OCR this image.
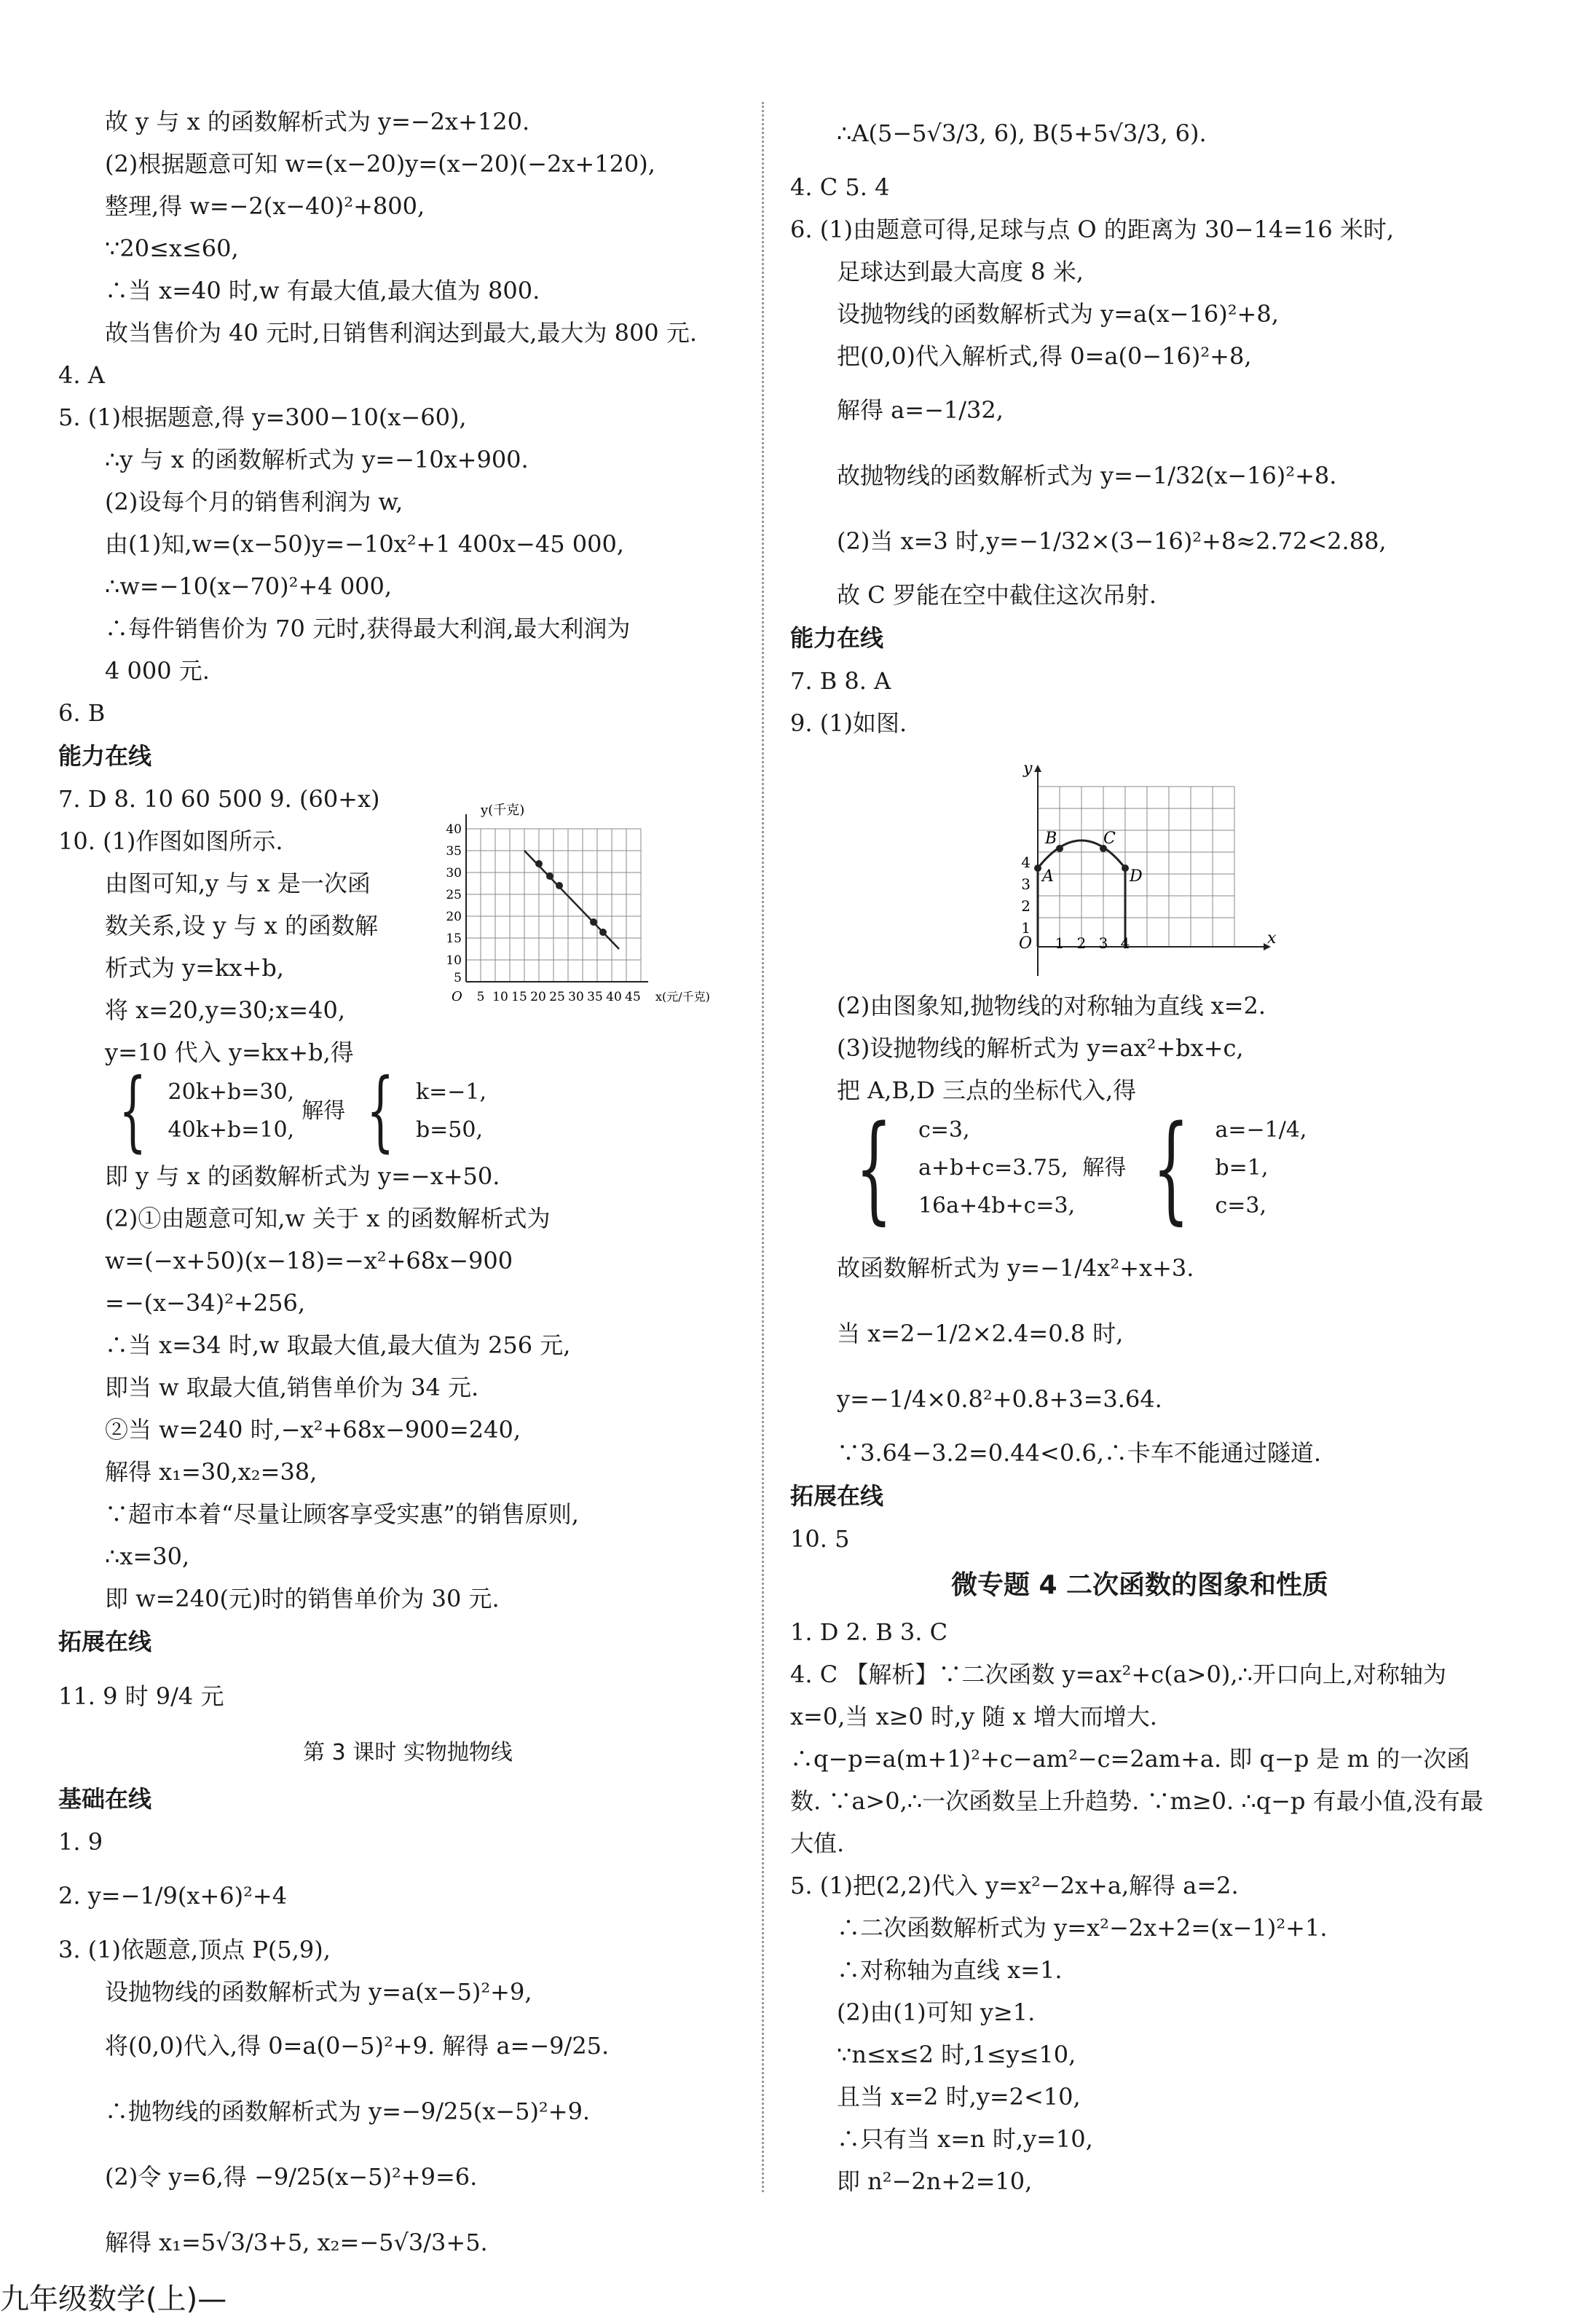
故 y 与 x 的函数解析式为 y=−2x+120.
(2)根据题意可知 w=(x−20)y=(x−20)(−2x+120),
整理,得 w=−2(x−40)²+800,
∵20≤x≤60,
∴当 x=40 时,w 有最大值,最大值为 800.
故当售价为 40 元时,日销售利润达到最大,最大为 800 元.
4. A
5. (1)根据题意,得 y=300−10(x−60),
∴y 与 x 的函数解析式为 y=−10x+900.
(2)设每个月的销售利润为 w,
由(1)知,w=(x−50)y=−10x²+1 400x−45 000,
∴w=−10(x−70)²+4 000,
∴每件销售价为 70 元时,获得最大利润,最大利润为
4 000 元.
6. B
能力在线
7. D 8. 10 60 500 9. (60+x)
10. (1)作图如图所示.
由图可知,y 与 x 是一次函
数关系,设 y 与 x 的函数解
析式为 y=kx+b,
将 x=20,y=30;x=40,
y=10 代入 y=kx+b,得
{ 20k+b=30,
40k+b=10, 解得 { k=−1,
b=50,
即 y 与 x 的函数解析式为 y=−x+50.
(2)①由题意可知,w 关于 x 的函数解析式为
w=(−x+50)(x−18)=−x²+68x−900
=−(x−34)²+256,
∴当 x=34 时,w 取最大值,最大值为 256 元,
即当 w 取最大值,销售单价为 34 元.
②当 w=240 时,−x²+68x−900=240,
解得 x₁=30,x₂=38,
∵超市本着“尽量让顾客享受实惠”的销售原则,
∴x=30,
即 w=240(元)时的销售单价为 30 元.
拓展在线
11. 9 时 9/4 元
第 3 课时 实物抛物线
基础在线
1. 9
2. y=−1/9(x+6)²+4
3. (1)依题意,顶点 P(5,9),
设抛物线的函数解析式为 y=a(x−5)²+9,
将(0,0)代入,得 0=a(0−5)²+9. 解得 a=−9/25.
∴抛物线的函数解析式为 y=−9/25(x−5)²+9.
(2)令 y=6,得 −9/25(x−5)²+9=6.
解得 x₁=5√3/3+5, x₂=−5√3/3+5.
y(千克)
x(元/千克)
O
40
35
30
25
20
15
10
5
5 10 15 20 25 30 35 40 45
∴A(5−5√3/3, 6), B(5+5√3/3, 6).
4. C 5. 4
6. (1)由题意可得,足球与点 O 的距离为 30−14=16 米时,
足球达到最大高度 8 米,
设抛物线的函数解析式为 y=a(x−16)²+8,
把(0,0)代入解析式,得 0=a(0−16)²+8,
解得 a=−1/32,
故抛物线的函数解析式为 y=−1/32(x−16)²+8.
(2)当 x=3 时,y=−1/32×(3−16)²+8≈2.72<2.88,
故 C 罗能在空中截住这次吊射.
能力在线
7. B 8. A
9. (1)如图.
(2)由图象知,抛物线的对称轴为直线 x=2.
(3)设抛物线的解析式为 y=ax²+bx+c,
把 A,B,D 三点的坐标代入,得
{ c=3,
a+b+c=3.75,
16a+4b+c=3, 解得 { a=−1/4,
b=1,
c=3,
故函数解析式为 y=−1/4x²+x+3.
当 x=2−1/2×2.4=0.8 时,
y=−1/4×0.8²+0.8+3=3.64.
∵3.64−3.2=0.44<0.6,∴卡车不能通过隧道.
拓展在线
10. 5
微专题 4 二次函数的图象和性质
1. D 2. B 3. C
4. C 【解析】∵二次函数 y=ax²+c(a>0),∴开口向上,对称轴为 x=0,当 x≥0 时,y 随 x 增大而增大. ∴q−p=a(m+1)²+c−am²−c=2am+a. 即 q−p 是 m 的一次函数. ∵a>0,∴一次函数呈上升趋势. ∵m≥0. ∴q−p 有最小值,没有最大值.
5. (1)把(2,2)代入 y=x²−2x+a,解得 a=2.
∴二次函数解析式为 y=x²−2x+2=(x−1)²+1.
∴对称轴为直线 x=1.
(2)由(1)可知 y≥1.
∵n≤x≤2 时,1≤y≤10,
且当 x=2 时,y=2<10,
∴只有当 x=n 时,y=10,
即 n²−2n+2=10,
A
B	C
D
y
x
O
4
3
2
1
1 2 3 4
九年级数学(上)—
